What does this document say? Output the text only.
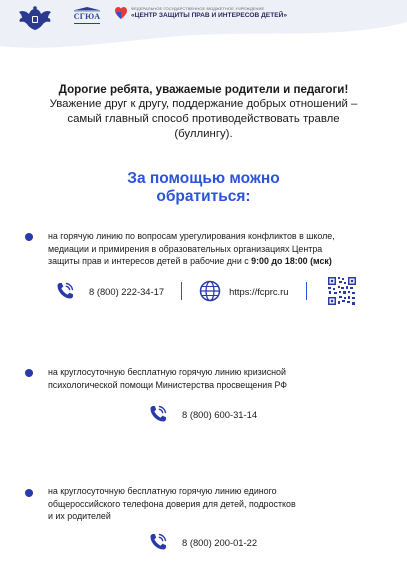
СГЮА
ФЕДЕРАЛЬНОЕ ГОСУДАРСТВЕННОЕ БЮДЖЕТНОЕ УЧРЕЖДЕНИЕ
«ЦЕНТР ЗАЩИТЫ ПРАВ И ИНТЕРЕСОВ ДЕТЕЙ»
Дорогие ребята, уважаемые родители и педагоги!
Уважение друг к другу, поддержание добрых отношений –
самый главный способ противодействовать травле
(буллингу).
За помощью можно
обратиться:
на горячую линию по вопросам урегулирования конфликтов в школе,
медиации и примирения в образовательных организациях Центра
защиты прав и интересов детей в рабочие дни с 9:00 до 18:00 (мск)
8 (800) 222-34-17	https://fcprc.ru
на круглосуточную бесплатную горячую линию кризисной
психологической помощи Министерства просвещения РФ
8 (800) 600-31-14
на круглосуточную бесплатную горячую линию единого
общероссийского телефона доверия для детей, подростков
и их родителей
8 (800) 200-01-22
